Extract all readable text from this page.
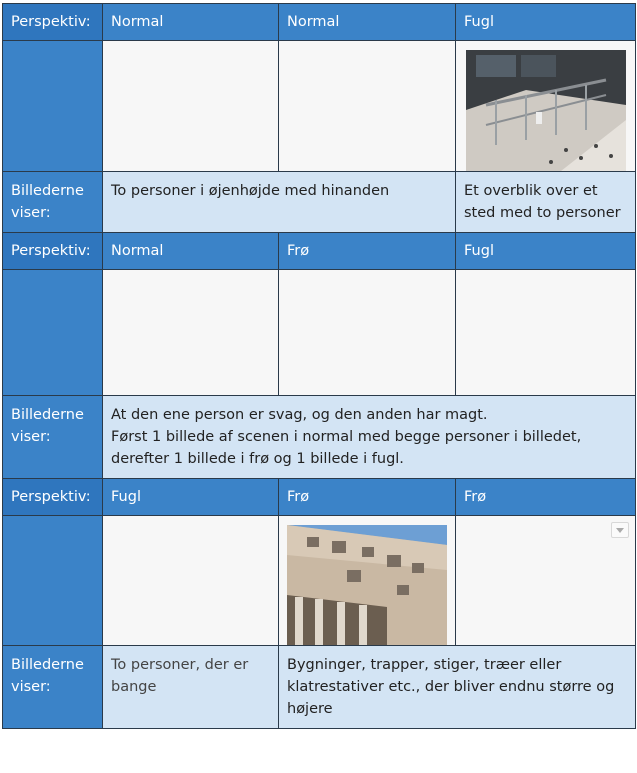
Perspektiv:	Normal	Normal	Fugl

Billederne viser:	To personer i øjenhøjde med hinanden		Et overblik over et sted med to personer
Perspektiv:	Normal	Frø	Fugl

Billederne viser:	At den ene person er svag, og den anden har magt.
Først 1 billede af scenen i normal med begge personer i billedet,
derefter 1 billede i frø og 1 billede i fugl.		

Perspektiv:	Fugl	Frø	Frø

Billederne viser:	To personer, der er bange	Bygninger, trapper, stiger, træer eller klatrestativer etc., der bliver endnu større og højere	
